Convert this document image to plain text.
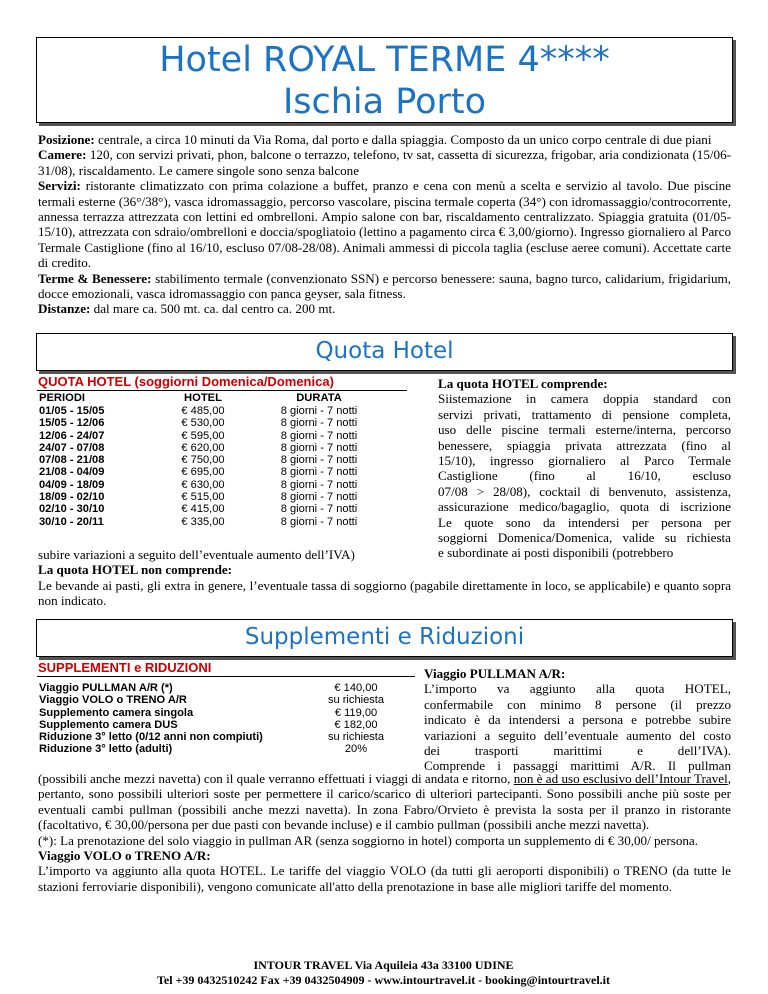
Hotel ROYAL TERME 4****
Ischia Porto
Posizione: centrale, a circa 10 minuti da Via Roma, dal porto e dalla spiaggia. Composto da un unico corpo centrale di due piani
Camere: 120, con servizi privati, phon, balcone o terrazzo, telefono, tv sat, cassetta di sicurezza, frigobar, aria condizionata (15/06-31/08), riscaldamento. Le camere singole sono senza balcone
Servizi: ristorante climatizzato con prima colazione a buffet, pranzo e cena con menù a scelta e servizio al tavolo. Due piscine termali esterne (36°/38°), vasca idromassaggio, percorso vascolare, piscina termale coperta (34°) con idromassaggio/controcorrente, annessa terrazza attrezzata con lettini ed ombrelloni. Ampio salone con bar, riscaldamento centralizzato. Spiaggia gratuita (01/05-15/10), attrezzata con sdraio/ombrelloni e doccia/spogliatoio (lettino a pagamento circa € 3,00/giorno). Ingresso giornaliero al Parco Termale Castiglione (fino al 16/10, escluso 07/08-28/08). Animali ammessi di piccola taglia (escluse aeree comuni). Accettate carte di credito.
Terme & Benessere: stabilimento termale (convenzionato SSN) e percorso benessere: sauna, bagno turco, calidarium, frigidarium, docce emozionali, vasca idromassaggio con panca geyser, sala fitness.
Distanze: dal mare ca. 500 mt. ca. dal centro ca. 200 mt.
Quota Hotel
QUOTA HOTEL (soggiorni Domenica/Domenica)
PERIODI	HOTEL	DURATA
01/05 - 15/05	€ 485,00	8 giorni - 7 notti
15/05 - 12/06	€ 530,00	8 giorni - 7 notti
12/06 - 24/07	€ 595,00	8 giorni - 7 notti
24/07 - 07/08	€ 620,00	8 giorni - 7 notti
07/08 - 21/08	€ 750,00	8 giorni - 7 notti
21/08 - 04/09	€ 695,00	8 giorni - 7 notti
04/09 - 18/09	€ 630,00	8 giorni - 7 notti
18/09 - 02/10	€ 515,00	8 giorni - 7 notti
02/10 - 30/10	€ 415,00	8 giorni - 7 notti
30/10 - 20/11	€ 335,00	8 giorni - 7 notti
La quota HOTEL comprende:
Siistemazione in camera doppia standard con
servizi privati, trattamento di pensione completa,
uso delle piscine termali esterne/interna, percorso
benessere, spiaggia privata attrezzata (fino al
15/10), ingresso giornaliero al Parco Termale
Castiglione (fino al 16/10, escluso
07/08 > 28/08), cocktail di benvenuto, assistenza,
assicurazione medico/bagaglio, quota di iscrizione
Le quote sono da intendersi per persona per
soggiorni Domenica/Domenica, valide su richiesta
e subordinate ai posti disponibili (potrebbero
subire variazioni a seguito dell’eventuale aumento dell’IVA)
La quota HOTEL non comprende:
Le bevande ai pasti, gli extra in genere, l’eventuale tassa di soggiorno (pagabile direttamente in loco, se applicabile) e quanto sopra non indicato.
Supplementi e Riduzioni
SUPPLEMENTI e RIDUZIONI
Viaggio PULLMAN A/R (*)	€ 140,00
Viaggio VOLO o TRENO A/R	su richiesta
Supplemento camera singola	€ 119,00
Supplemento camera DUS	€ 182,00
Riduzione 3° letto (0/12 anni non compiuti)	su richiesta
Riduzione 3° letto (adulti)	20%
Viaggio PULLMAN A/R:
L’importo va aggiunto alla quota HOTEL,
confermabile con minimo 8 persone (il prezzo
indicato è da intendersi a persona e potrebbe subire
variazioni a seguito dell’eventuale aumento del costo
dei trasporti marittimi e dell’IVA).
Comprende i passaggi marittimi A/R. Il pullman
(possibili anche mezzi navetta) con il quale verranno effettuati i viaggi di andata e ritorno, non è ad uso esclusivo dell’Intour Travel, pertanto, sono possibili ulteriori soste per permettere il carico/scarico di ulteriori partecipanti. Sono possibili anche più soste per eventuali cambi pullman (possibili anche mezzi navetta). In zona Fabro/Orvieto è prevista la sosta per il pranzo in ristorante (facoltativo, € 30,00/persona per due pasti con bevande incluse) e il cambio pullman (possibili anche mezzi navetta).
(*): La prenotazione del solo viaggio in pullman AR (senza soggiorno in hotel) comporta un supplemento di € 30,00/ persona.
Viaggio VOLO o TRENO A/R:
L’importo va aggiunto alla quota HOTEL. Le tariffe del viaggio VOLO (da tutti gli aeroporti disponibili) o TRENO (da tutte le stazioni ferroviarie disponibili), vengono comunicate all'atto della prenotazione in base alle migliori tariffe del momento.
INTOUR TRAVEL Via Aquileia 43a 33100 UDINE
Tel +39 0432510242 Fax +39 0432504909 - www.intourtravel.it - booking@intourtravel.it
